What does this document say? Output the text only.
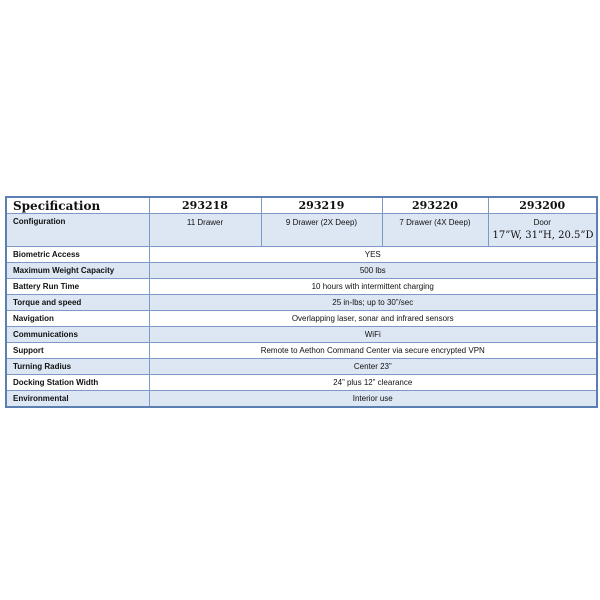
Specification	293218	293219	293220	293200
Configuration	11 Drawer	9 Drawer (2X Deep)	7 Drawer (4X Deep)	Door
17”W, 31”H, 20.5”D

Biometric Access	YES			
Maximum Weight Capacity	500 lbs			
Battery Run Time	10 hours with intermittent charging			
Torque and speed	25 in-lbs; up to 30”/sec			
Navigation	Overlapping laser, sonar and infrared sensors			
Communications	WiFi			
Support	Remote to Aethon Command Center via secure encrypted VPN			
Turning Radius	Center 23”			
Docking Station Width	24” plus 12” clearance			
Environmental	Interior use			
